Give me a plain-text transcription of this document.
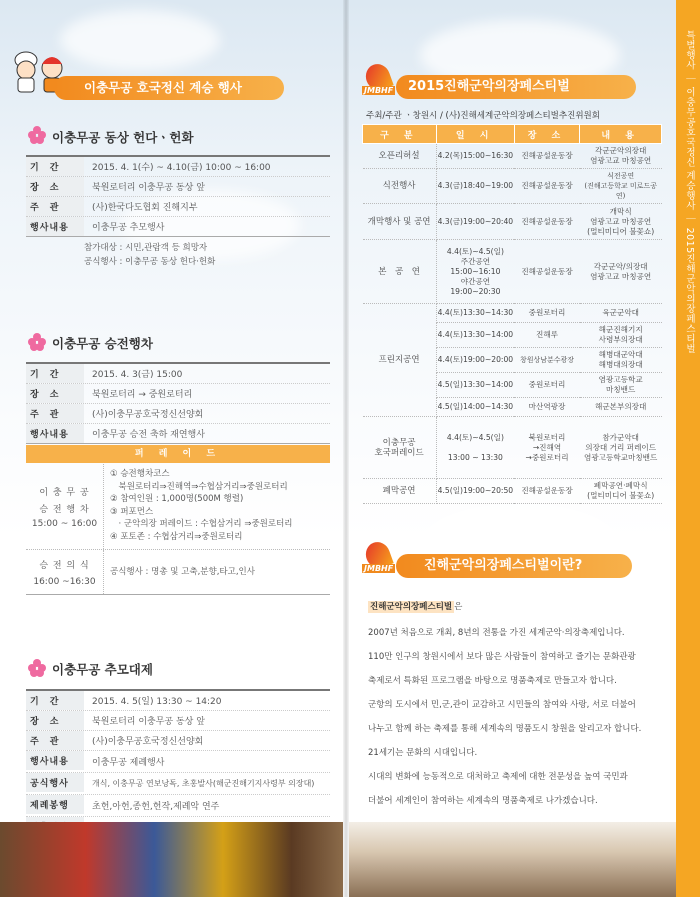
특별행사 ｜ 이충무공호국정신 계승행사 ｜ 2015진해군악의장페스티벌
이충무공 호국정신 계승 행사
이충무공 동상 헌다ㆍ헌화
기　간	2015. 4. 1(수) ~ 4.10(금) 10:00 ~ 16:00
장　소	북원로터리 이충무공 동상 앞
주　관	(사)한국다도협회 진해지부
행사내용	이충무공 추모행사
참가대상 : 시민,관람객 등 희망자
공식행사 : 이충무공 동상 헌다·헌화
이충무공 승전행차
기　간	2015. 4. 3(금) 15:00
장　소	북원로터리 → 중원로터리
주　관	(사)이충무공호국정신선양회
행사내용	이충무공 승전 축하 재연행사
퍼 레 이 드
이 충 무 공
승 전 행 차
15:00 ~ 16:00
① 승전행차코스
　북원로터리⇒진해역⇒수협삼거리⇒중원로터리
② 참여인원 : 1,000명(500M 행렬)
③ 퍼포먼스
　· 군악의장 퍼레이드 : 수협삼거리 ⇒중원로터리
④ 포토존 : 수협삼거리⇒중원로터리
승 전 의 식
16:00 ~16:30
공식행사 : 명총 및 고축,분향,타고,인사
이충무공 추모대제
기　간	2015. 4. 5(일) 13:30 ~ 14:20
장　소	북원로터리 이충무공 동상 앞
주　관	(사)이충무공호국정신선양회
행사내용	이충무공 제례행사
공식행사	개식, 이충무공 연보낭독, 초홍발사(해군진해기지사령부 의장대)
제례봉행	초헌,아헌,종헌,헌작,제례악 연주
JMBHF	2015진해군악의장페스티벌
주최/주관 ㆍ창원시 / (사)진해세계군악의장페스티벌추진위원회
구 분	일 시	장 소	내 용
오픈리허설	4.2(목)15:00~16:30	진해공설운동장	각군군악의장대
염광고교 마칭공연
식전행사	4.3(금)18:40~19:00	진해공설운동장	식전공연
(진해고등학교 미로드공연)
개막행사 및 공연	4.3(금)19:00~20:40	진해공설운동장	개막식
염광고교 마칭공연
(멀티미디어 불꽃쇼)
본　공　연	4.4(토)~4.5(일)
주간공연15:00~16:10
야간공연19:00~20:30	진해공설운동장	각군군악/의장대
염광고교 마칭공연
프린지공연	4.4(토)13:30~14:30	중원로터리	육군군악대
	4.4(토)13:30~14:00	진해루	해군진해기지
사령부의장대
	4.4(토)19:00~20:00	창원상남분수광장	해병대군악대
해병대의장대
	4.5(일)13:30~14:00	중원로터리	염광고등학교
마칭밴드
	4.5(일)14:00~14:30	마산역광장	해군본부의장대
이충무공
호국퍼레이드	4.4(토)~4.5(일)

13:00 ~ 13:30	북원로터리
→진해역
→중원로터리	참가군악대
의장대 거리 퍼레이드
염광고등학교마칭밴드
폐막공연	4.5(일)19:00~20:50	진해공설운동장	폐막공연·폐막식
(멀티미디어 불꽃쇼)
JMBHF	진해군악의장페스티벌이란?
진해군악의장페스티벌 은
2007년 처음으로 개최, 8년의 전통을 가진 세계군악·의장축제입니다.
110만 인구의 창원시에서 보다 많은 사람들이 참여하고 즐기는 문화관광
축제로서 특화된 프로그램을 바탕으로 명품축제로 만들고자 합니다.
군항의 도시에서 민,군,관이 교감하고 시민들의 참여와 사랑, 서로 더불어
나누고 함께 하는 축제를 통해 세계속의 명품도시 창원을 알리고자 합니다.
21세기는 문화의 시대입니다.
시대의 변화에 능동적으로 대처하고 축제에 대한 전문성을 높여 국민과
더불어 세계인이 참여하는 세계속의 명품축제로 나가겠습니다.
